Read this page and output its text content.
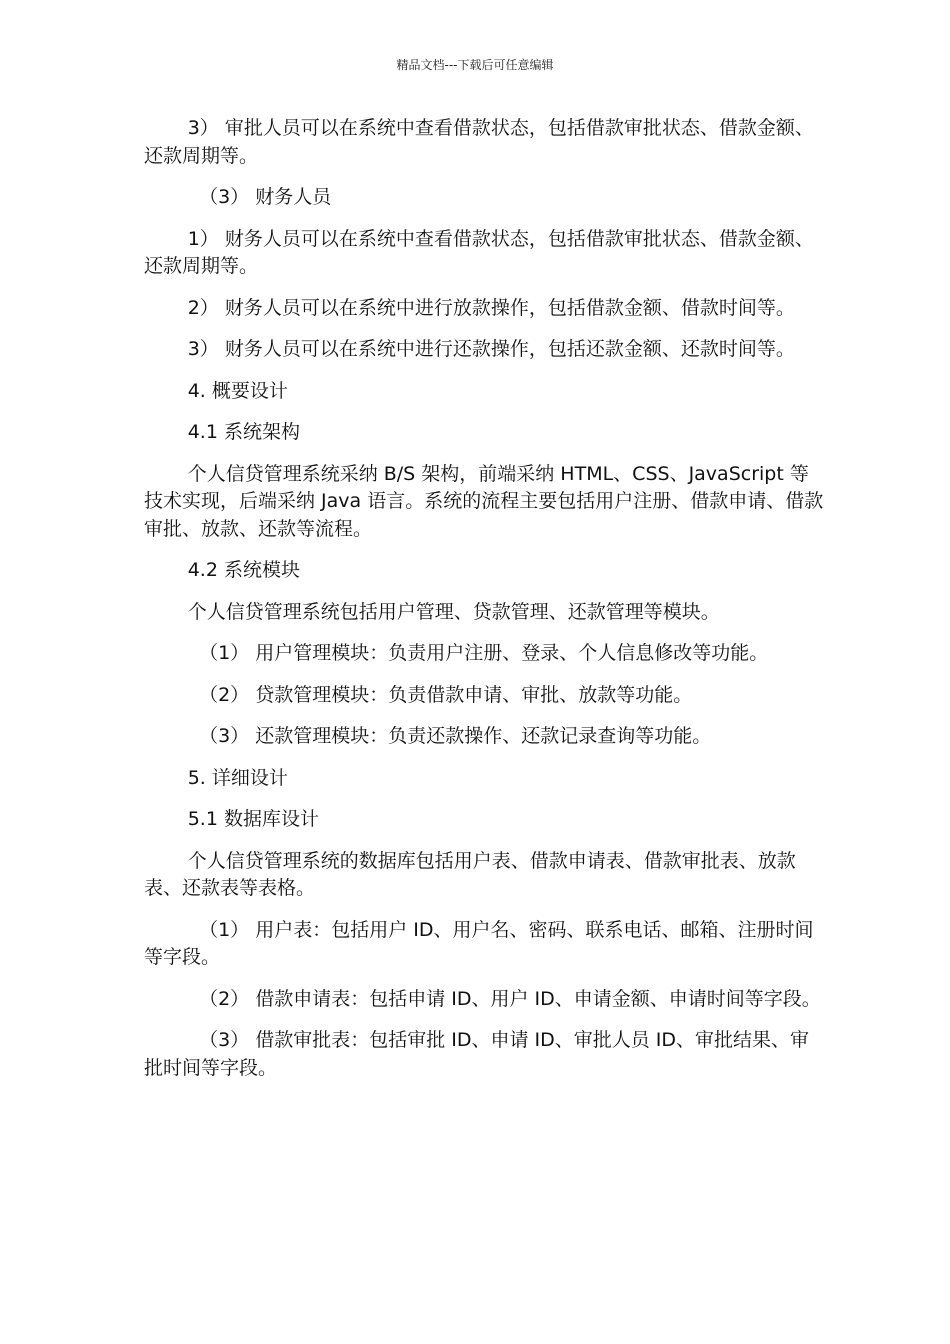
精品文档---下载后可任意编辑

3） 审批人员可以在系统中查看借款状态，包括借款审批状态、借款金额、还款周期等。

（3） 财务人员

1） 财务人员可以在系统中查看借款状态，包括借款审批状态、借款金额、还款周期等。

2） 财务人员可以在系统中进行放款操作，包括借款金额、借款时间等。

3） 财务人员可以在系统中进行还款操作，包括还款金额、还款时间等。

4. 概要设计

4.1 系统架构

个人信贷管理系统采纳 B/S 架构，前端采纳 HTML、CSS、JavaScript 等技术实现，后端采纳 Java 语言。系统的流程主要包括用户注册、借款申请、借款审批、放款、还款等流程。

4.2 系统模块

个人信贷管理系统包括用户管理、贷款管理、还款管理等模块。

（1） 用户管理模块：负责用户注册、登录、个人信息修改等功能。

（2） 贷款管理模块：负责借款申请、审批、放款等功能。

（3） 还款管理模块：负责还款操作、还款记录查询等功能。

5. 详细设计

5.1 数据库设计

个人信贷管理系统的数据库包括用户表、借款申请表、借款审批表、放款表、还款表等表格。

（1） 用户表：包括用户 ID、用户名、密码、联系电话、邮箱、注册时间等字段。

（2） 借款申请表：包括申请 ID、用户 ID、申请金额、申请时间等字段。

（3） 借款审批表：包括审批 ID、申请 ID、审批人员 ID、审批结果、审批时间等字段。
